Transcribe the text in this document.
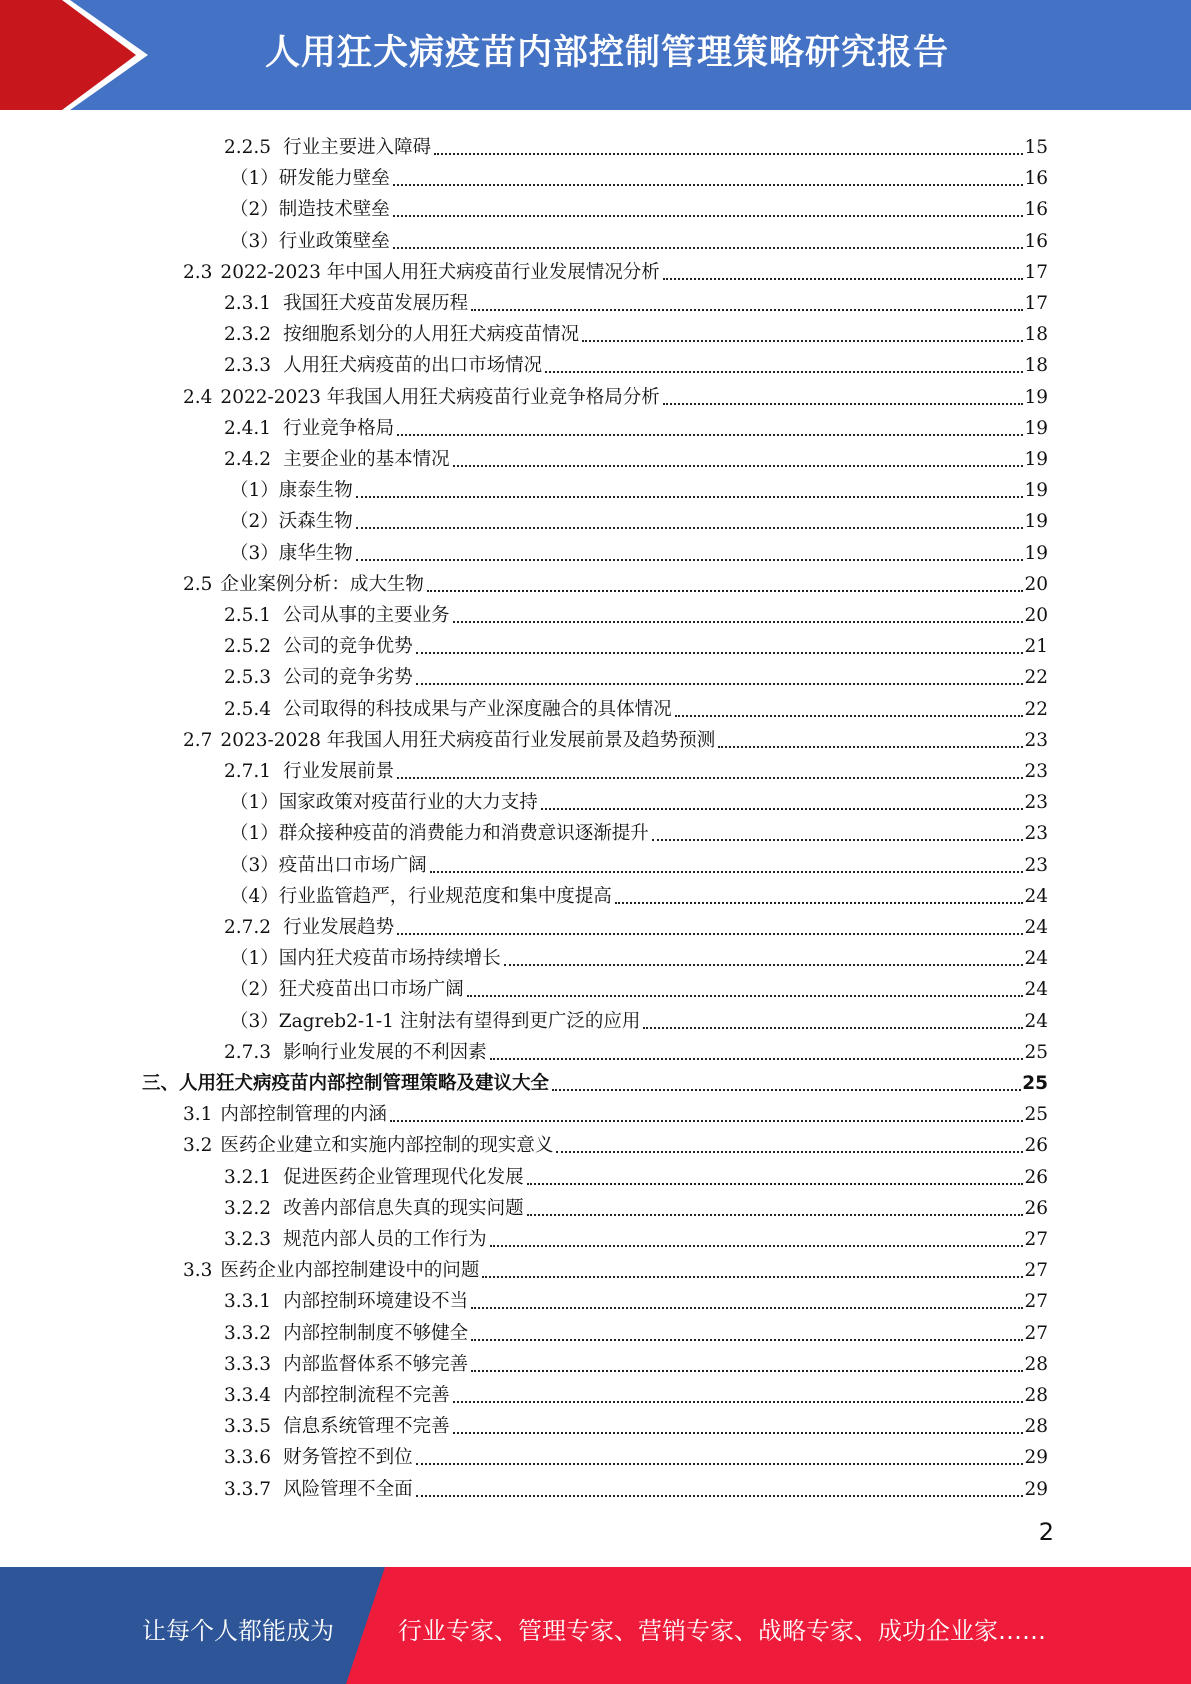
人用狂犬病疫苗内部控制管理策略研究报告
2.2.5 行业主要进入障碍	15
（1） 研发能力壁垒	16
（2） 制造技术壁垒	16
（3） 行业政策壁垒	16
2.3 2022-2023 年中国人用狂犬病疫苗行业发展情况分析	17
2.3.1 我国狂犬疫苗发展历程	17
2.3.2 按细胞系划分的人用狂犬病疫苗情况	18
2.3.3 人用狂犬病疫苗的出口市场情况	18
2.4 2022-2023 年我国人用狂犬病疫苗行业竞争格局分析	19
2.4.1 行业竞争格局	19
2.4.2 主要企业的基本情况	19
（1） 康泰生物	19
（2） 沃森生物	19
（3） 康华生物	19
2.5 企业案例分析：成大生物	20
2.5.1 公司从事的主要业务	20
2.5.2 公司的竞争优势	21
2.5.3 公司的竞争劣势	22
2.5.4 公司取得的科技成果与产业深度融合的具体情况	22
2.7 2023-2028 年我国人用狂犬病疫苗行业发展前景及趋势预测	23
2.7.1 行业发展前景	23
（1） 国家政策对疫苗行业的大力支持	23
（1） 群众接种疫苗的消费能力和消费意识逐渐提升	23
（3） 疫苗出口市场广阔	23
（4） 行业监管趋严，行业规范度和集中度提高	24
2.7.2 行业发展趋势	24
（1） 国内狂犬疫苗市场持续增长	24
（2） 狂犬疫苗出口市场广阔	24
（3） Zagreb2-1-1 注射法有望得到更广泛的应用	24
2.7.3 影响行业发展的不利因素	25
三、 人用狂犬病疫苗内部控制管理策略及建议大全	25
3.1 内部控制管理的内涵	25
3.2 医药企业建立和实施内部控制的现实意义	26
3.2.1 促进医药企业管理现代化发展	26
3.2.2 改善内部信息失真的现实问题	26
3.2.3 规范内部人员的工作行为	27
3.3 医药企业内部控制建设中的问题	27
3.3.1 内部控制环境建设不当	27
3.3.2 内部控制制度不够健全	27
3.3.3 内部监督体系不够完善	28
3.3.4 内部控制流程不完善	28
3.3.5 信息系统管理不完善	28
3.3.6 财务管控不到位	29
3.3.7 风险管理不全面	29
2
让每个人都能成为	行业专家、管理专家、营销专家、战略专家、成功企业家……
